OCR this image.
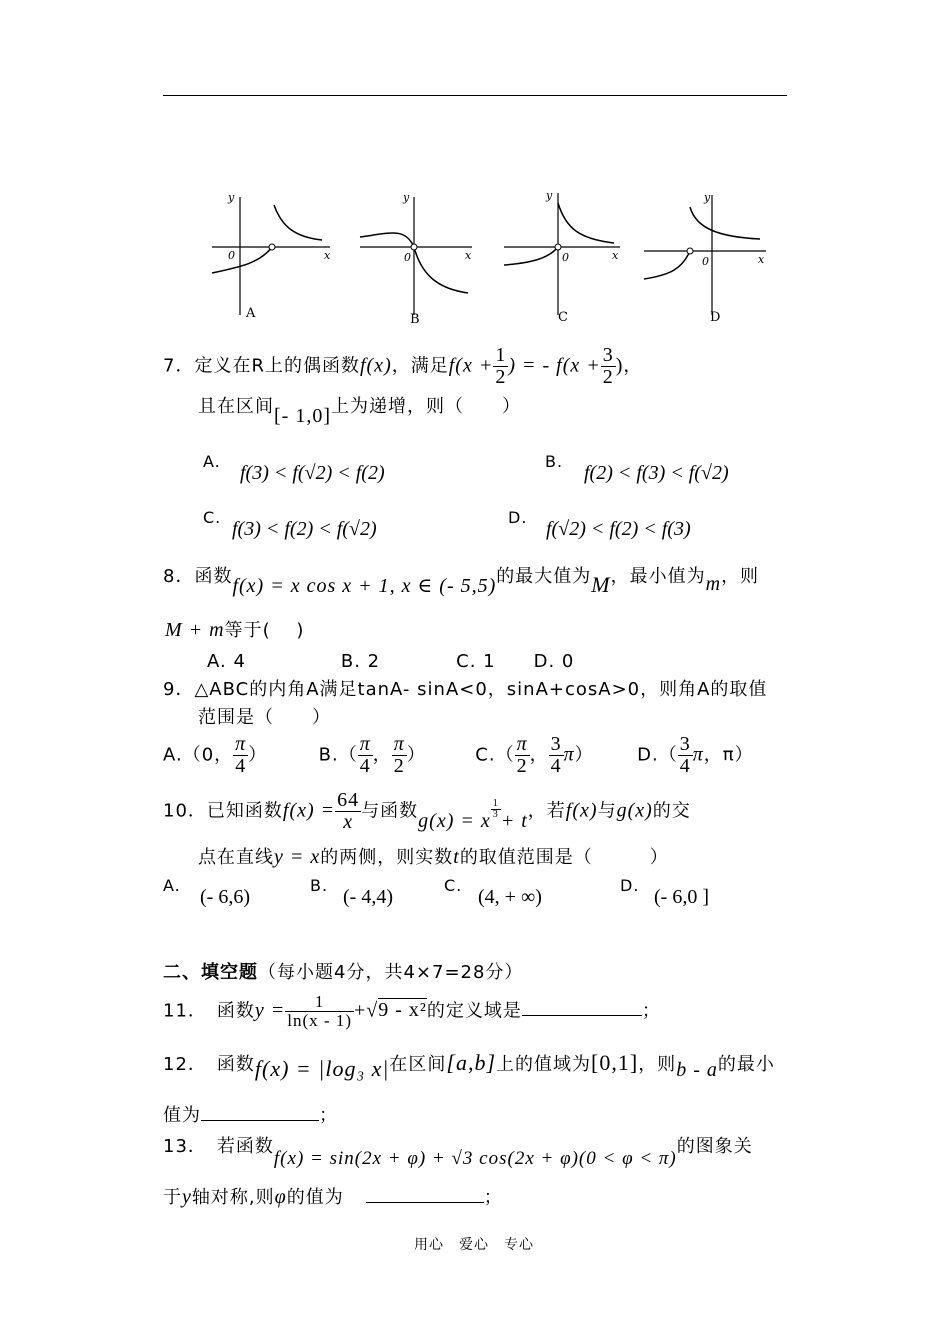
y
x
0
A
y
x
0
B
y
x
0
C
y
x
0
D
7．定义在R上的偶函数f(x)，满足$f(x + \frac{1}{2}$ ) = - $f(x + \frac{3}{2}$ )，
且在区间[- 1,0]上为递增，则（　　）
A.
f(3) < f(√2) < f(2)
B.
f(2) < f(3) < f(√2)
C.
f(3) < f(2) < f(√2)
D.
f(√2) < f(2) < f(3)
8．函数f(x) = x cos x + 1, x ∈ (- 5,5)的最大值为M，最小值为m，则
M + m等于(　 )
A. 4　　　　　B. 2　　　　C. 1　　D. 0
9．△ABC的内角A满足tanA- sinA<0，sinA+cosA>0，则角A的取值
范围是（　　）
A.（0， $\frac{\pi}{4}$ ）	$B.( \frac{\pi}{4}$ ， $\frac{\pi}{2}$ ）	$C.( \frac{\pi}{2}$ ， $\frac{3}{4} \pi$） $D.( \frac{3}{4}$ π，π）
10．已知函数$f(x) = \frac{64}{x}$ 与函数g(x) = x $\frac{1}{3} + t$，若f(x)与g(x)的交
点在直线y = x的两侧，则实数t的取值范围是（　　　）
A.
(- 6,6)
B.
(- 4,4)
C.
(4, + ∞)
D.
(- 6,0 ]
二、填空题（每小题4分，共4×7=28分）
11．　函数$y = \frac{1}{\ln(x - 1)} +√9 - x^2$的定义域是	；
12．　函数f(x) = |log₃ x|在区间[a,b]上的值域为[0,1]，则b - a的最小
值为	；
13．　若函数f(x) = sin(2x + φ) + √3 cos(2x + φ)(0 < φ < π)的图象关
于y轴对称,则φ的值为	；
用心　爱心　专心
